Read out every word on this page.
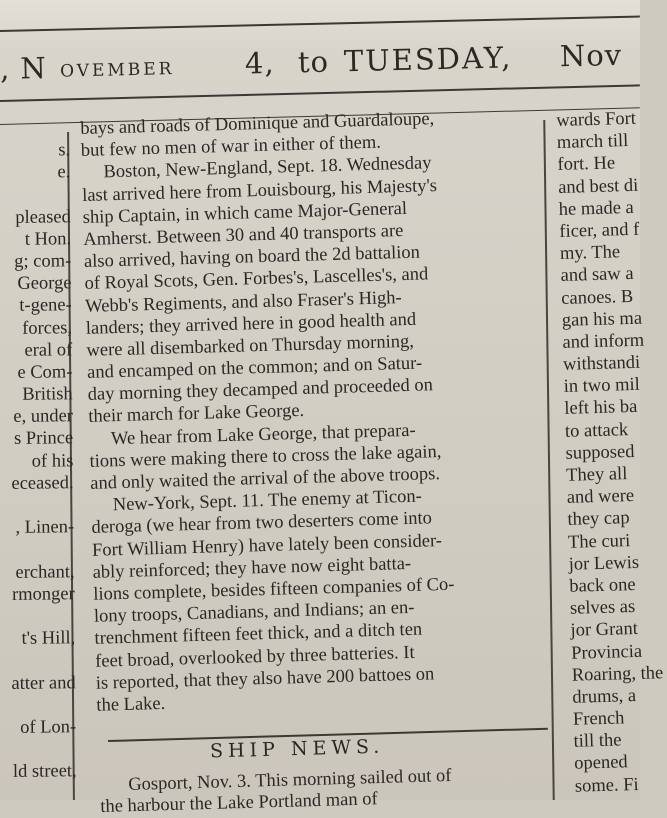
, N ovember 4, to TUESDAY, Nov
s.
e.
pleased
t Hon.
g; com-
George
t-gene-
forces,
eral of
e Com-
British
e, under
s Prince
of his
eceased.
, Linen-
erchant,
rmonger
t's Hill,
atter and
of Lon-
ld street,
bays and roads of Dominique and Guardaloupe,
but few no men of war in either of them.
Boston, New-England, Sept. 18. Wednesday
last arrived here from Louisbourg, his Majesty's
ship Captain, in which came Major-General
Amherst. Between 30 and 40 transports are
also arrived, having on board the 2d battalion
of Royal Scots, Gen. Forbes's, Lascelles's, and
Webb's Regiments, and also Fraser's High-
landers; they arrived here in good health and
were all disembarked on Thursday morning,
and encamped on the common; and on Satur-
day morning they decamped and proceeded on
their march for Lake George.
We hear from Lake George, that prepara-
tions were making there to cross the lake again,
and only waited the arrival of the above troops.
New-York, Sept. 11. The enemy at Ticon-
deroga (we hear from two deserters come into
Fort William Henry) have lately been consider-
ably reinforced; they have now eight batta-
lions complete, besides fifteen companies of Co-
lony troops, Canadians, and Indians; an en-
trenchment fifteen feet thick, and a ditch ten
feet broad, overlooked by three batteries. It
is reported, that they also have 200 battoes on
the Lake.
wards Fort
march till
fort. He
and best di
he made a
ficer, and f
my. The
and saw a
canoes. B
gan his ma
and inform
withstandi
in two mil
left his ba
to attack
supposed
They all
and were
they cap
The curi
jor Lewis
back one
selves as
jor Grant
Provincia
Roaring, the
drums, a
French
till the
opened
some. Fi
SHIP NEWS.
Gosport, Nov. 3. This morning sailed out of
the harbour the Lake Portland man of
